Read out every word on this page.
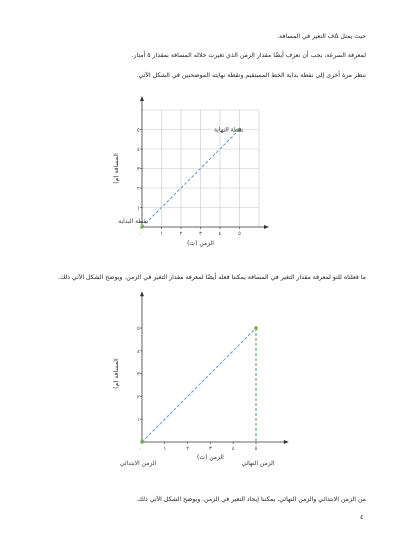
حيث يمثل Δف التغير في المسافة.
لمعرفة السرعة، يجب أن نعرف أيضًا مقدار الزمن الذي تغيرت خلاله المسافة بمقدار ٥ أمتار.
ننظر مرة أخرى إلى نقطة بداية الخط المستقيم ونقطة نهايته الموضحتين في الشكل الآتي.
١
١
٢
٢
٣
٣
٤
٤
٥
٥
٠
المسافة (م)
الزمن (ث)
نقطة النهاية
نقطة البداية
ما فعلناه للتو لمعرفة مقدار التغير في المسافة يمكننا فعله أيضًا لمعرفة مقدار التغير في الزمن. ويوضح الشكل الآتي ذلك.
١
١
٢
٢
٣
٣
٤
٤
٥
٥
٠
المسافة (م)
الزمن (ث)
الزمن الابتدائي	الزمن النهائي
من الزمن الابتدائي والزمن النهائي، يمكننا إيجاد التغير في الزمن. ويوضح الشكل الآتي ذلك.
٤
